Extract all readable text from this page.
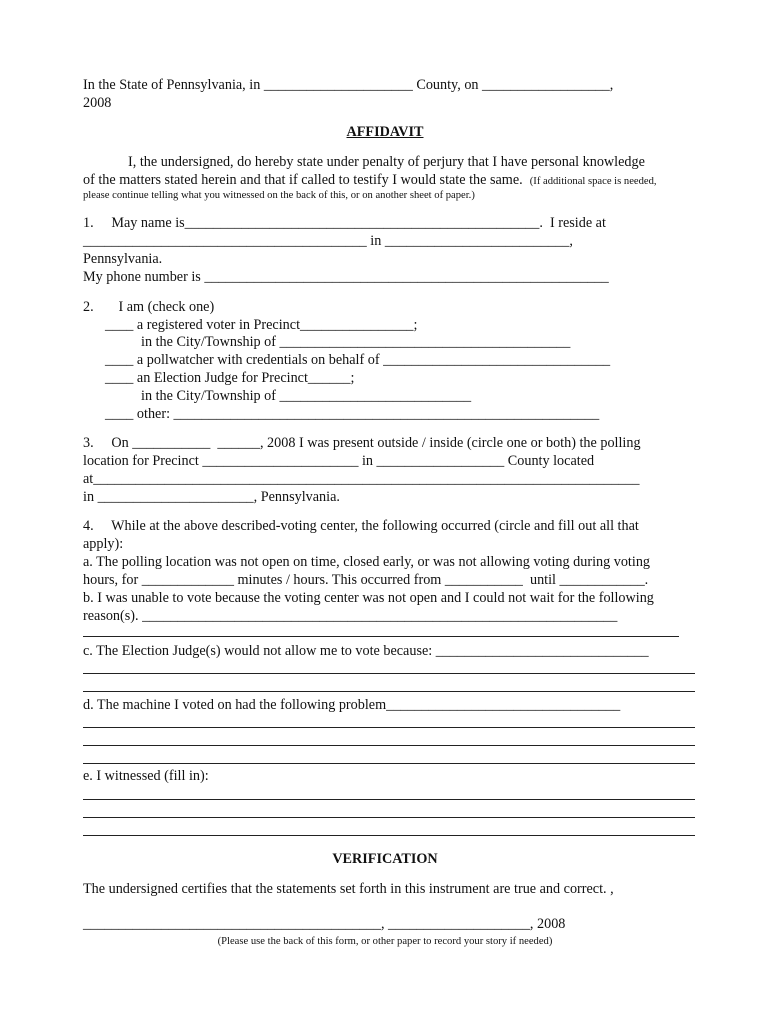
In the State of Pennsylvania, in _____________________ County, on __________________,
2008
AFFIDAVIT
I, the undersigned, do hereby state under penalty of perjury that I have personal knowledge
of the matters stated herein and that if called to testify I would state the same. (If additional space is needed,
please continue telling what you witnessed on the back of this, or on another sheet of paper.)
1.     May name is__________________________________________________.  I reside at
________________________________________ in __________________________,
Pennsylvania.
My phone number is _________________________________________________________
2.       I am (check one)
____ a registered voter in Precinct________________;
in the City/Township of _________________________________________
____ a pollwatcher with credentials on behalf of ________________________________
____ an Election Judge for Precinct______;
in the City/Township of ___________________________
____ other: ____________________________________________________________
3.     On ___________  ______, 2008 I was present outside / inside (circle one or both) the polling
location for Precinct ______________________ in __________________ County located
at_____________________________________________________________________________
in ______________________, Pennsylvania.
4.     While at the above described-voting center, the following occurred (circle and fill out all that
apply):
a. The polling location was not open on time, closed early, or was not allowing voting during voting
hours, for _____________ minutes / hours. This occurred from ___________  until ____________.
b. I was unable to vote because the voting center was not open and I could not wait for the following
reason(s). ___________________________________________________________________
c. The Election Judge(s) would not allow me to vote because: ______________________________
d. The machine I voted on had the following problem_________________________________
e. I witnessed (fill in):
VERIFICATION
The undersigned certifies that the statements set forth in this instrument are true and correct. ,
__________________________________________, ____________________, 2008
(Please use the back of this form, or other paper to record your story if needed)
